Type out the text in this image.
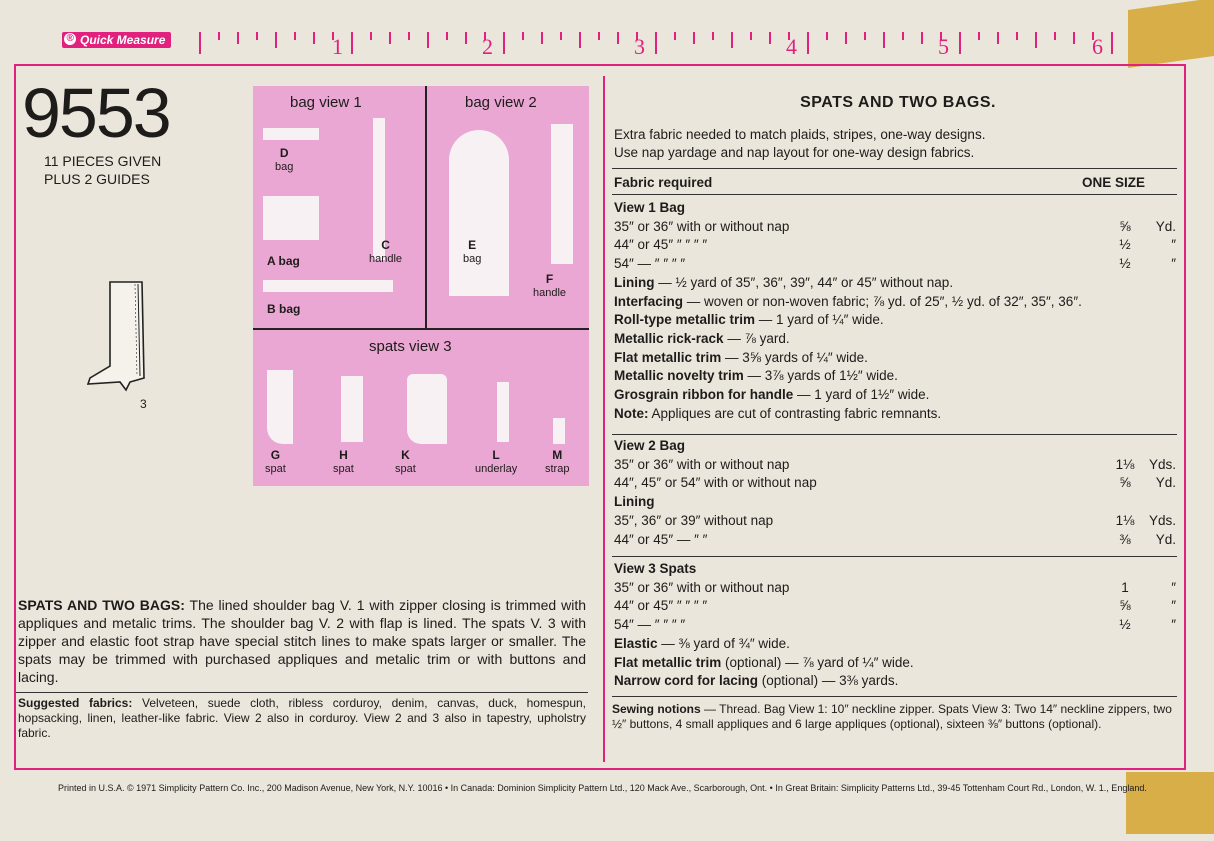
® Quick Measure	1	2	3	4	5	6
9553
11 PIECES GIVEN
PLUS 2 GUIDES
3
bag view 1	bag view 2
spats view 3
D
bag
A bag
C
handle
B bag
E
bag
F
handle
G
spat
H
spat
K
spat
L
underlay
M
strap
SPATS AND TWO BAGS: The lined shoulder bag V. 1 with zipper closing is trimmed with appliques and metalic trims. The shoulder bag V. 2 with flap is lined. The spats V. 3 with zipper and elastic foot strap have special stitch lines to make spats larger or smaller. The spats may be trimmed with purchased appliques and metalic trim or with buttons and lacing.
Suggested fabrics: Velveteen, suede cloth, ribless corduroy, denim, canvas, duck, homespun, hopsacking, linen, leather-like fabric. View 2 also in corduroy. View 2 and 3 also in tapestry, upholstry fabric.
SPATS AND TWO BAGS.
Extra fabric needed to match plaids, stripes, one-way designs.
Use nap yardage and nap layout for one-way design fabrics.
Fabric required	ONE SIZE
View 1 Bag
35″ or 36″ with or without nap	⅝	Yd.
44″ or 45″ ″ ″ ″ ″	½	″
54″ — ″ ″ ″ ″	½	″
Lining — ½ yard of 35″, 36″, 39″, 44″ or 45″ without nap.
Interfacing — woven or non-woven fabric; ⅞ yd. of 25″, ½ yd. of 32″, 35″, 36″.
Roll-type metallic trim — 1 yard of ¼″ wide.
Metallic rick-rack — ⅞ yard.
Flat metallic trim — 3⅝ yards of ¼″ wide.
Metallic novelty trim — 3⅞ yards of 1½″ wide.
Grosgrain ribbon for handle — 1 yard of 1½″ wide.
Note: Appliques are cut of contrasting fabric remnants.
View 2 Bag
35″ or 36″ with or without nap	1⅛	Yds.
44″, 45″ or 54″ with or without nap	⅝	Yd.
Lining
35″, 36″ or 39″ without nap	1⅛	Yds.
44″ or 45″ — ″ ″	⅜	Yd.
View 3 Spats
35″ or 36″ with or without nap	1	″
44″ or 45″ ″ ″ ″ ″	⅝	″
54″ — ″ ″ ″ ″	½	″
Elastic — ⅜ yard of ¾″ wide.
Flat metallic trim (optional) — ⅞ yard of ¼″ wide.
Narrow cord for lacing (optional) — 3⅜ yards.
Sewing notions — Thread. Bag View 1: 10″ neckline zipper. Spats View 3: Two 14″ neckline zippers, two ½″ buttons, 4 small appliques and 6 large appliques (optional), sixteen ⅜″ buttons (optional).
Printed in U.S.A. © 1971 Simplicity Pattern Co. Inc., 200 Madison Avenue, New York, N.Y. 10016 • In Canada: Dominion Simplicity Pattern Ltd., 120 Mack Ave., Scarborough, Ont. • In Great Britain: Simplicity Patterns Ltd., 39-45 Tottenham Court Rd., London, W. 1., England.
